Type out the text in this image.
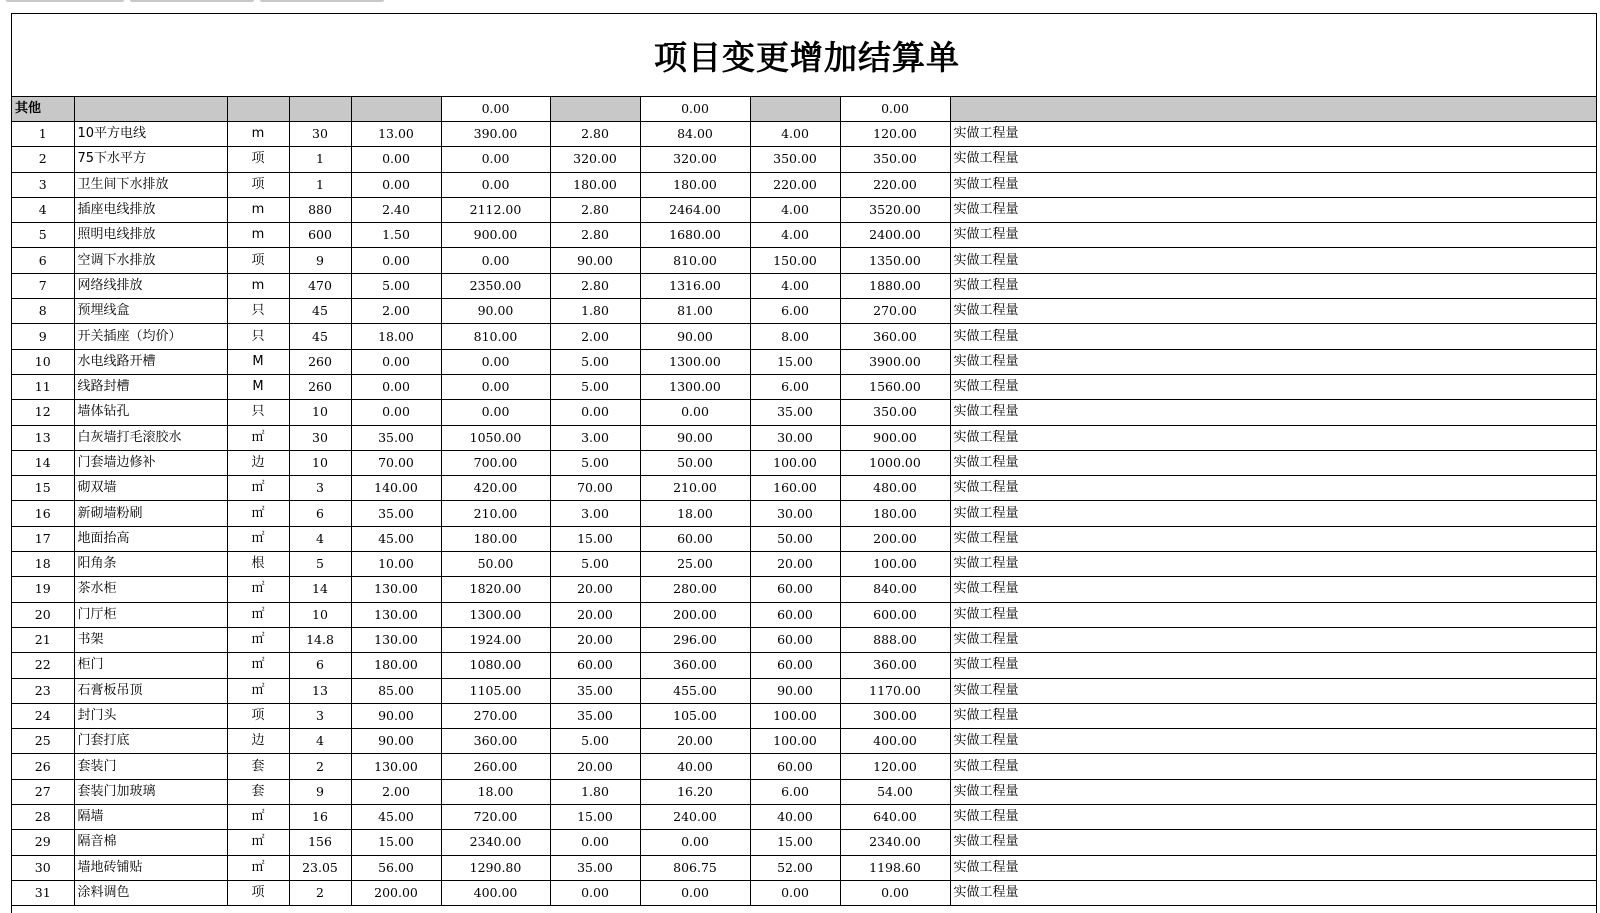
项目变更增加结算单
其他					0.00		0.00		0.00	
1	10平方电线	m	30	13.00	390.00	2.80	84.00	4.00	120.00	实做工程量
2	75下水平方	项	1	0.00	0.00	320.00	320.00	350.00	350.00	实做工程量
3	卫生间下水排放	项	1	0.00	0.00	180.00	180.00	220.00	220.00	实做工程量
4	插座电线排放	m	880	2.40	2112.00	2.80	2464.00	4.00	3520.00	实做工程量
5	照明电线排放	m	600	1.50	900.00	2.80	1680.00	4.00	2400.00	实做工程量
6	空调下水排放	项	9	0.00	0.00	90.00	810.00	150.00	1350.00	实做工程量
7	网络线排放	m	470	5.00	2350.00	2.80	1316.00	4.00	1880.00	实做工程量
8	预埋线盒	只	45	2.00	90.00	1.80	81.00	6.00	270.00	实做工程量
9	开关插座（均价）	只	45	18.00	810.00	2.00	90.00	8.00	360.00	实做工程量
10	水电线路开槽	M	260	0.00	0.00	5.00	1300.00	15.00	3900.00	实做工程量
11	线路封槽	M	260	0.00	0.00	5.00	1300.00	6.00	1560.00	实做工程量
12	墙体钻孔	只	10	0.00	0.00	0.00	0.00	35.00	350.00	实做工程量
13	白灰墙打毛滚胶水	㎡	30	35.00	1050.00	3.00	90.00	30.00	900.00	实做工程量
14	门套墙边修补	边	10	70.00	700.00	5.00	50.00	100.00	1000.00	实做工程量
15	砌双墙	㎡	3	140.00	420.00	70.00	210.00	160.00	480.00	实做工程量
16	新砌墙粉刷	㎡	6	35.00	210.00	3.00	18.00	30.00	180.00	实做工程量
17	地面抬高	㎡	4	45.00	180.00	15.00	60.00	50.00	200.00	实做工程量
18	阳角条	根	5	10.00	50.00	5.00	25.00	20.00	100.00	实做工程量
19	茶水柜	㎡	14	130.00	1820.00	20.00	280.00	60.00	840.00	实做工程量
20	门厅柜	㎡	10	130.00	1300.00	20.00	200.00	60.00	600.00	实做工程量
21	书架	㎡	14.8	130.00	1924.00	20.00	296.00	60.00	888.00	实做工程量
22	柜门	㎡	6	180.00	1080.00	60.00	360.00	60.00	360.00	实做工程量
23	石膏板吊顶	㎡	13	85.00	1105.00	35.00	455.00	90.00	1170.00	实做工程量
24	封门头	项	3	90.00	270.00	35.00	105.00	100.00	300.00	实做工程量
25	门套打底	边	4	90.00	360.00	5.00	20.00	100.00	400.00	实做工程量
26	套装门	套	2	130.00	260.00	20.00	40.00	60.00	120.00	实做工程量
27	套装门加玻璃	套	9	2.00	18.00	1.80	16.20	6.00	54.00	实做工程量
28	隔墙	㎡	16	45.00	720.00	15.00	240.00	40.00	640.00	实做工程量
29	隔音棉	㎡	156	15.00	2340.00	0.00	0.00	15.00	2340.00	实做工程量
30	墙地砖铺贴	㎡	23.05	56.00	1290.80	35.00	806.75	52.00	1198.60	实做工程量
31	涂料调色	项	2	200.00	400.00	0.00	0.00	0.00	0.00	实做工程量
